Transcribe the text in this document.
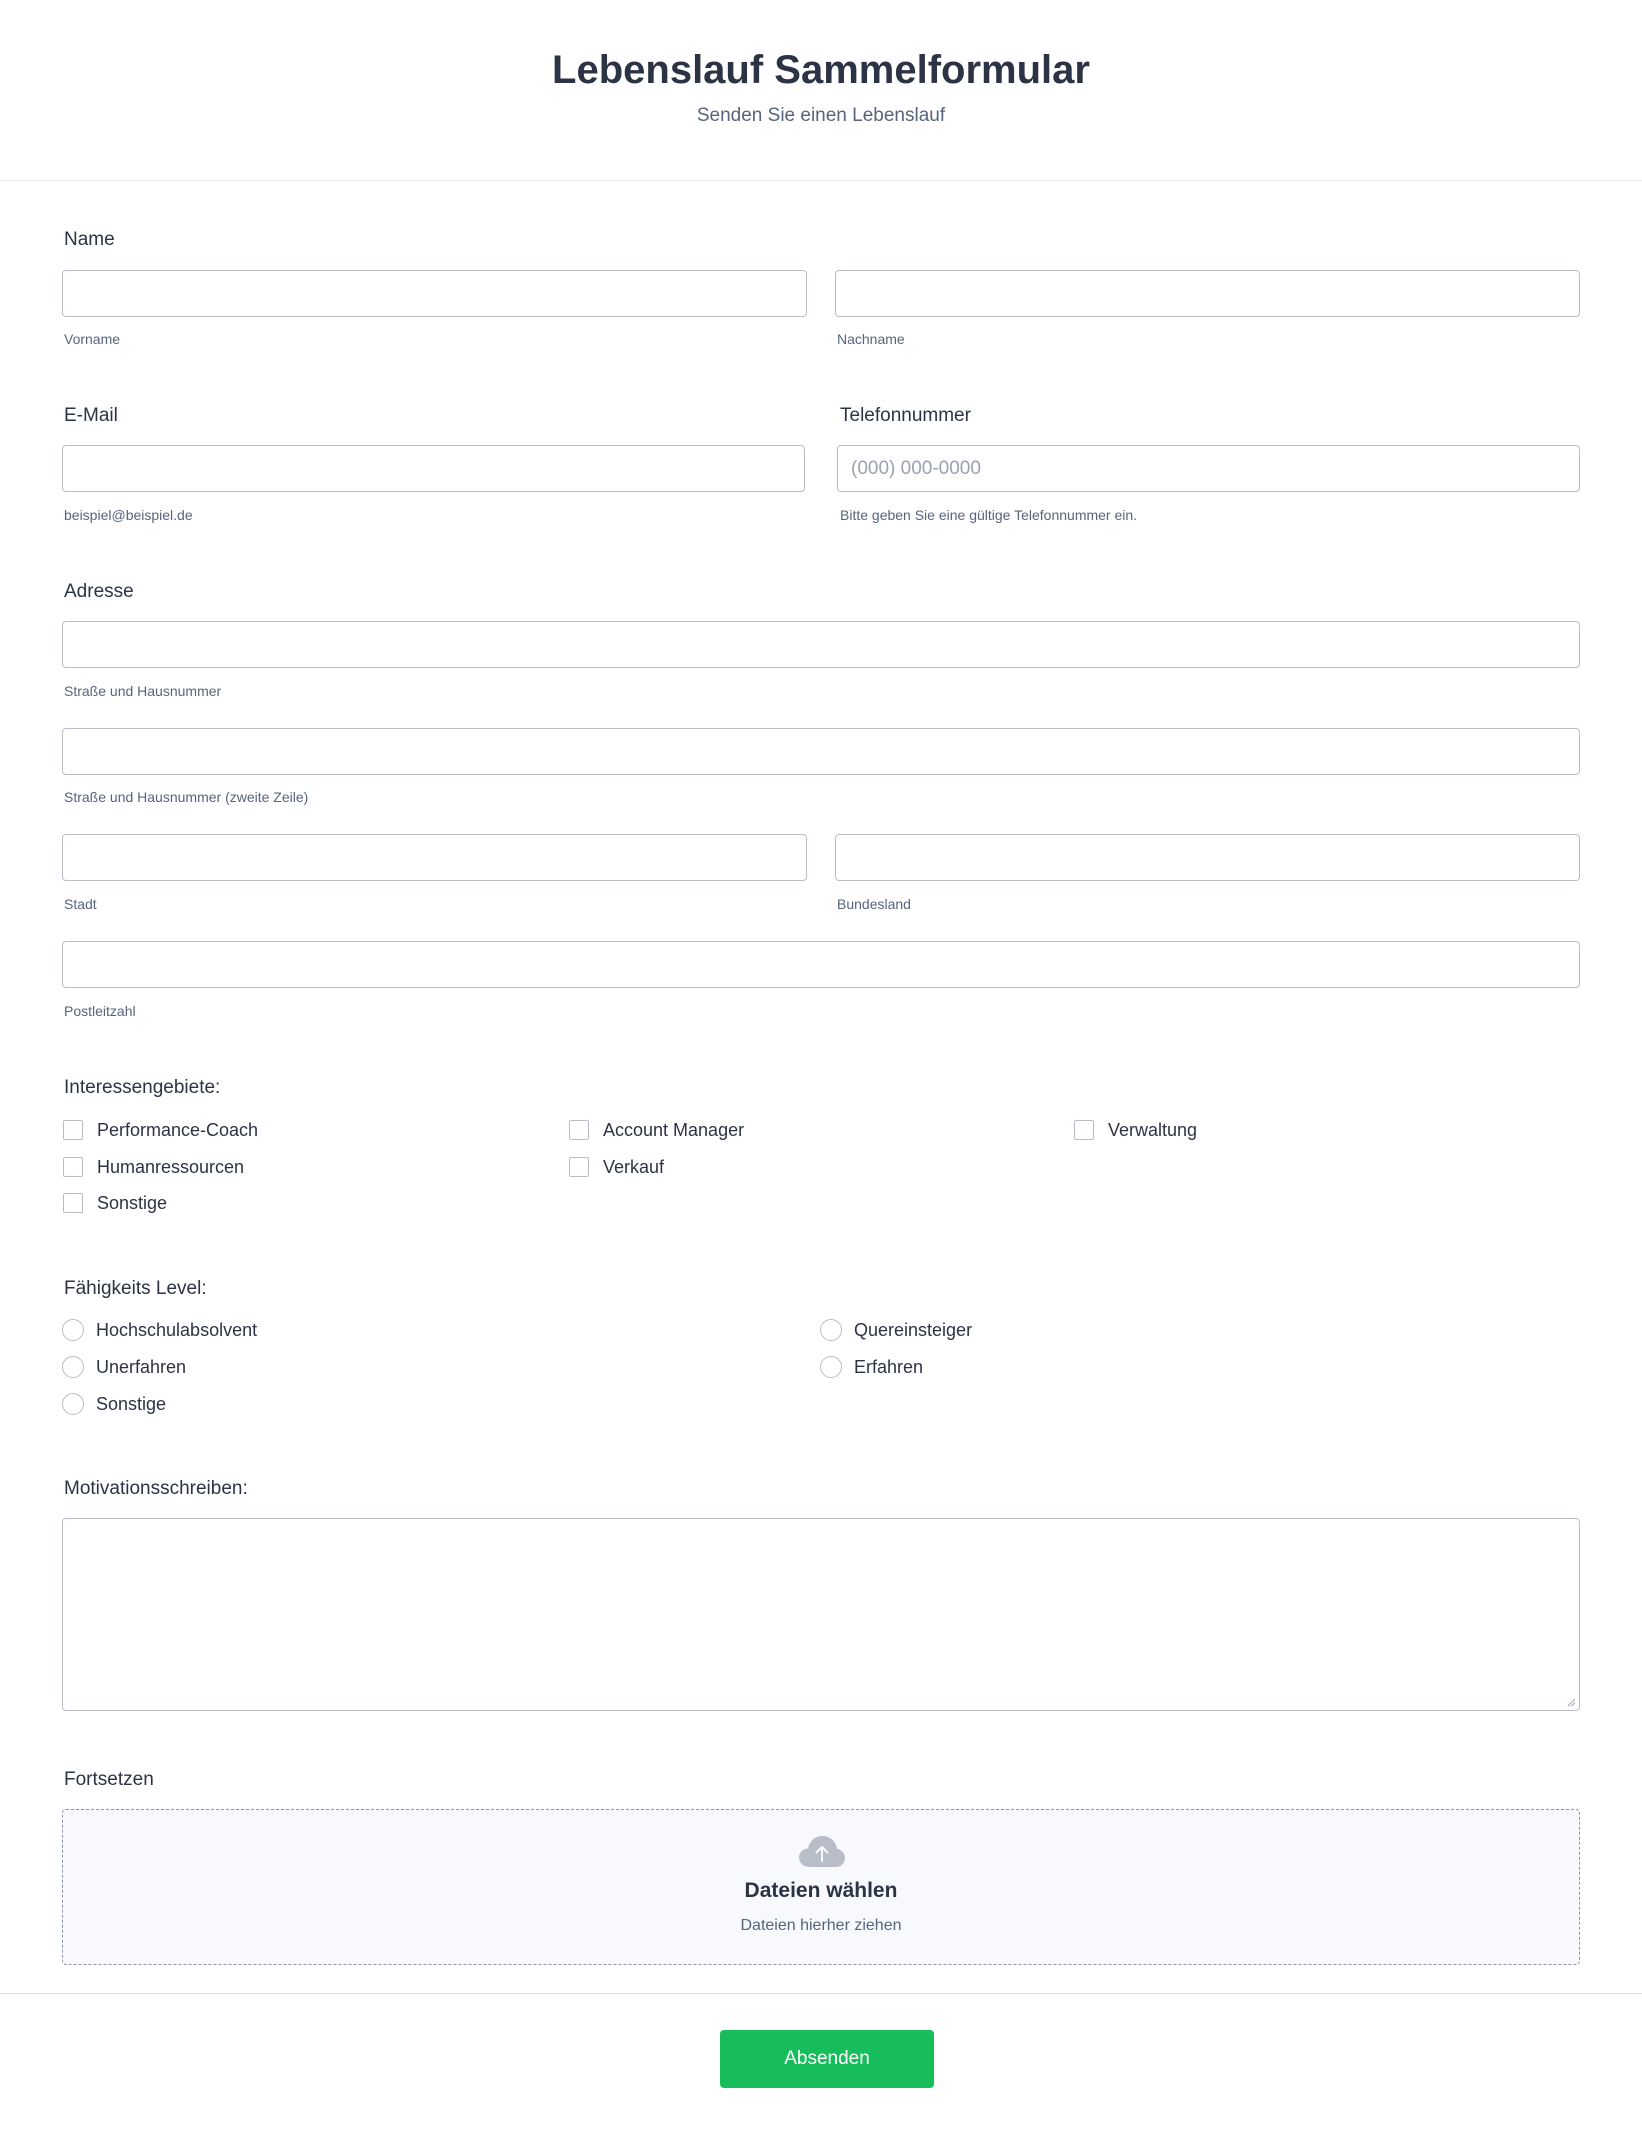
Lebenslauf Sammelformular
Senden Sie einen Lebenslauf
Name
Vorname	Nachname
E-Mail	Telefonnummer
(000) 000-0000
beispiel@beispiel.de	Bitte geben Sie eine gültige Telefonnummer ein.
Adresse
Straße und Hausnummer
Straße und Hausnummer (zweite Zeile)
Stadt	Bundesland
Postleitzahl
Interessengebiete:
Performance-Coach	Account Manager	Verwaltung
Humanressourcen	Verkauf
Sonstige
Fähigkeits Level:
Hochschulabsolvent	Quereinsteiger
Unerfahren	Erfahren
Sonstige
Motivationsschreiben:
Fortsetzen
Dateien wählen
Dateien hierher ziehen
Absenden
